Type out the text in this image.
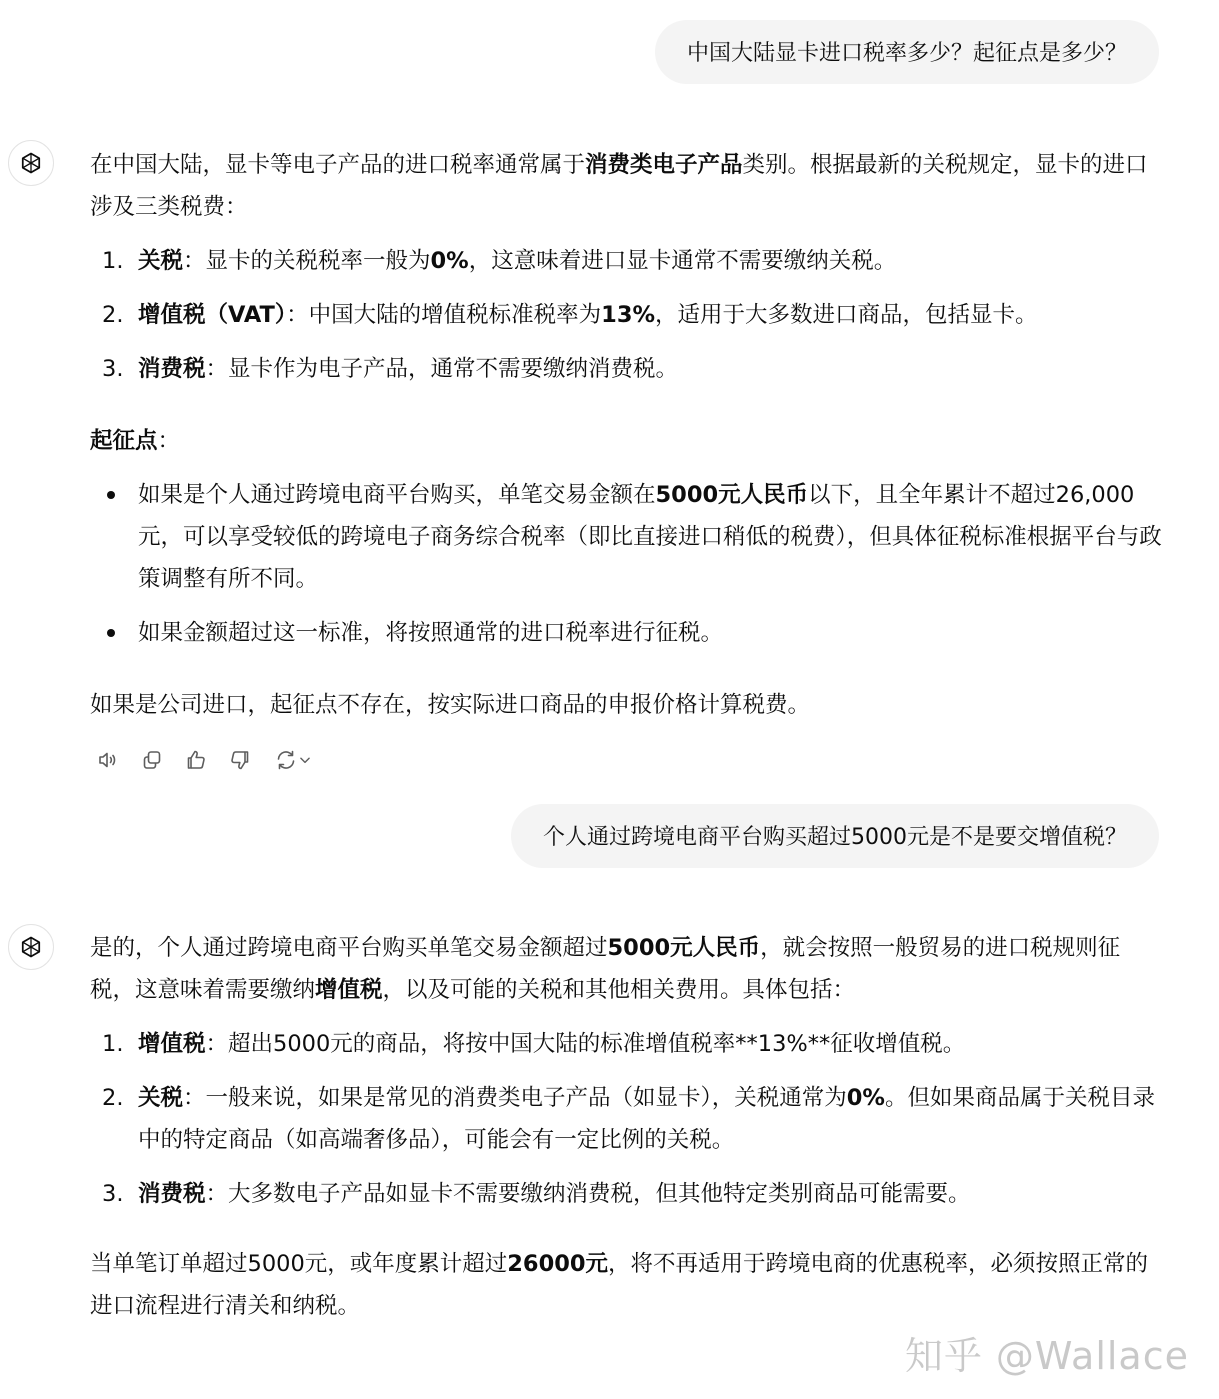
中国大陆显卡进口税率多少？起征点是多少？

在中国大陆，显卡等电子产品的进口税率通常属于消费类电子产品类别。根据最新的关税规定，显卡的进口涉及三类税费：

1. 关税：显卡的关税税率一般为0%，这意味着进口显卡通常不需要缴纳关税。
2. 增值税（VAT）：中国大陆的增值税标准税率为13%，适用于大多数进口商品，包括显卡。
3. 消费税：显卡作为电子产品，通常不需要缴纳消费税。

起征点：

如果是个人通过跨境电商平台购买，单笔交易金额在5000元人民币以下，且全年累计不超过26,000元，可以享受较低的跨境电子商务综合税率（即比直接进口稍低的税费），但具体征税标准根据平台与政策调整有所不同。
如果金额超过这一标准，将按照通常的进口税率进行征税。

如果是公司进口，起征点不存在，按实际进口商品的申报价格计算税费。

个人通过跨境电商平台购买超过5000元是不是要交增值税？

是的，个人通过跨境电商平台购买单笔交易金额超过5000元人民币，就会按照一般贸易的进口税规则征税，这意味着需要缴纳增值税，以及可能的关税和其他相关费用。具体包括：

1. 增值税：超出5000元的商品，将按中国大陆的标准增值税率**13%**征收增值税。
2. 关税：一般来说，如果是常见的消费类电子产品（如显卡），关税通常为0%。但如果商品属于关税目录中的特定商品（如高端奢侈品），可能会有一定比例的关税。
3. 消费税：大多数电子产品如显卡不需要缴纳消费税，但其他特定类别商品可能需要。

当单笔订单超过5000元，或年度累计超过26000元，将不再适用于跨境电商的优惠税率，必须按照正常的进口流程进行清关和纳税。

知乎 @Wallace
